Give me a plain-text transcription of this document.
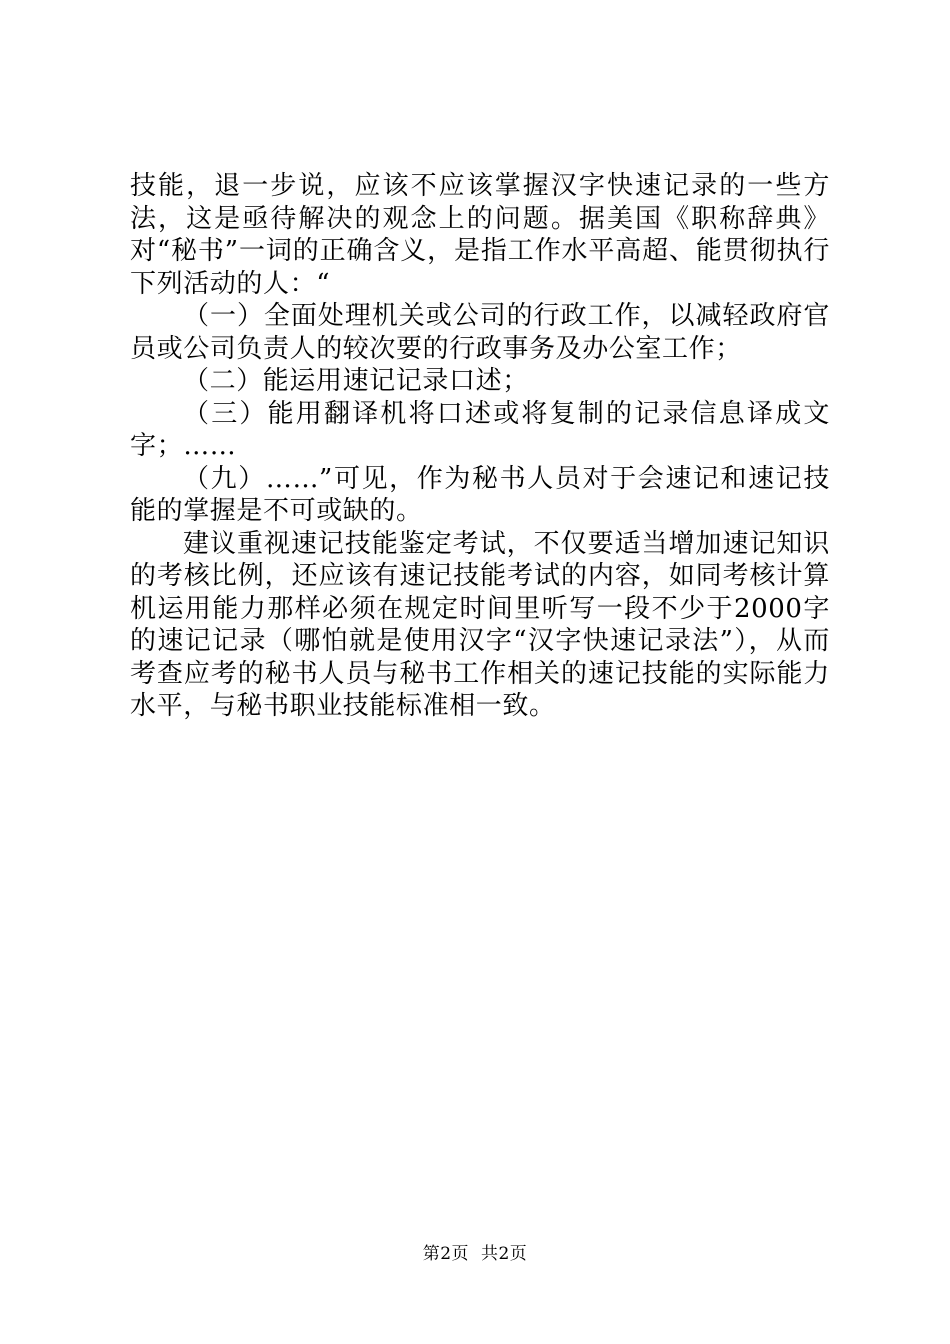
技能，退一步说，应该不应该掌握汉字快速记录的一些方法，这是亟待解决的观念上的问题。据美国《职称辞典》对“秘书”一词的正确含义，是指工作水平高超、能贯彻执行下列活动的人：“

（一）全面处理机关或公司的行政工作，以减轻政府官员或公司负责人的较次要的行政事务及办公室工作；

（二）能运用速记记录口述；

（三）能用翻译机将口述或将复制的记录信息译成文字；……

（九）……”可见，作为秘书人员对于会速记和速记技能的掌握是不可或缺的。

建议重视速记技能鉴定考试，不仅要适当增加速记知识的考核比例，还应该有速记技能考试的内容，如同考核计算机运用能力那样必须在规定时间里听写一段不少于2000字的速记记录（哪怕就是使用汉字“汉字快速记录法”），从而考查应考的秘书人员与秘书工作相关的速记技能的实际能力水平，与秘书职业技能标准相一致。

第2页 共2页
